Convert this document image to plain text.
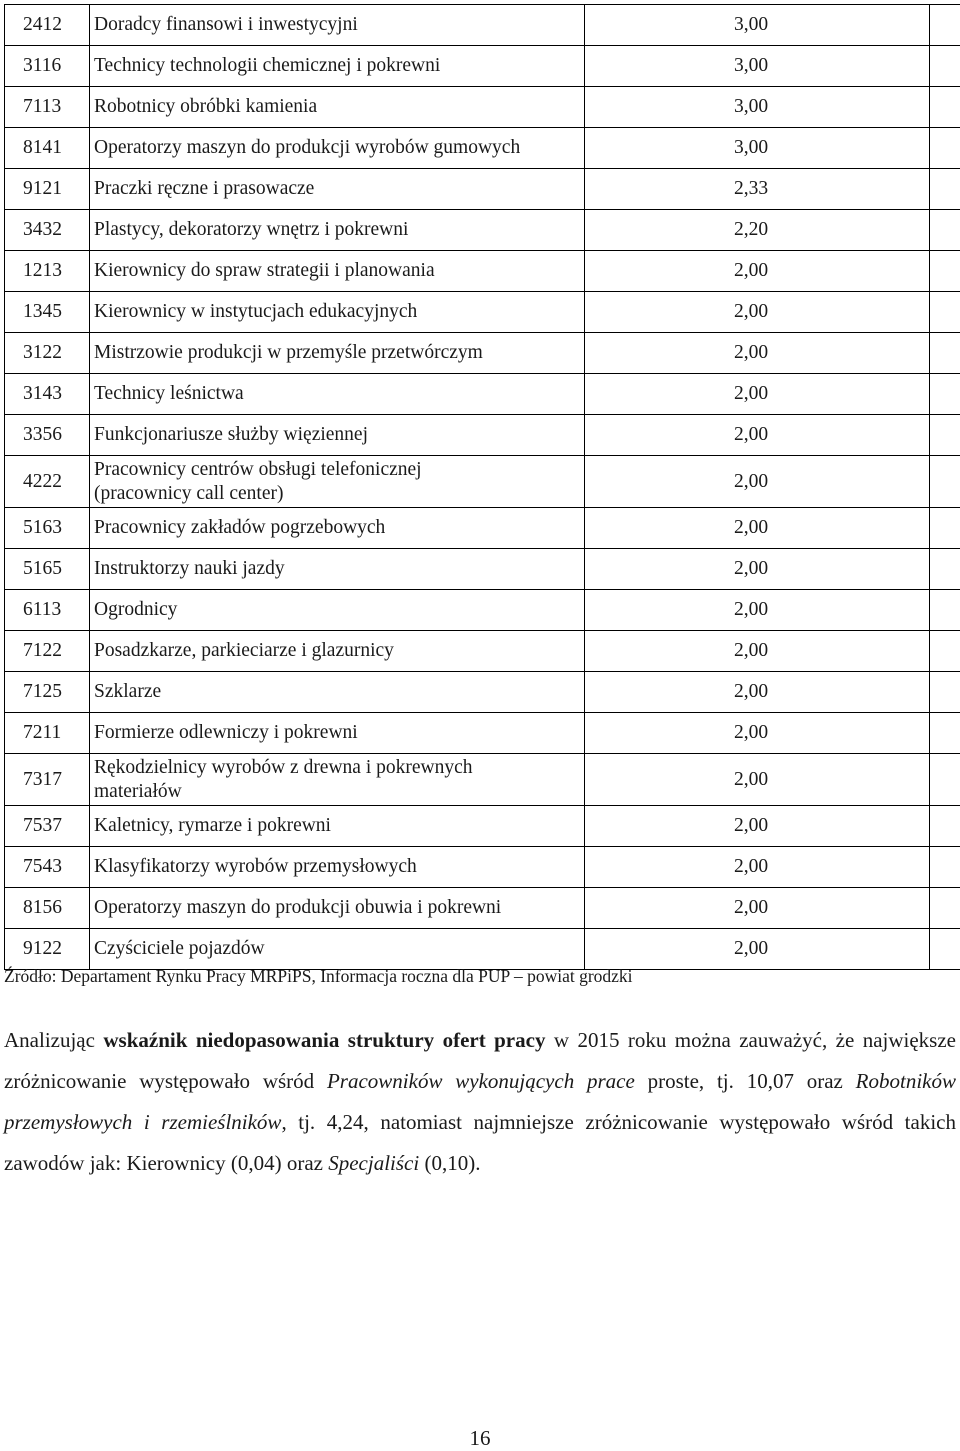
2412	Doradcy finansowi i inwestycyjni	3,00	
3116	Technicy technologii chemicznej i pokrewni	3,00	
7113	Robotnicy obróbki kamienia	3,00	
8141	Operatorzy maszyn do produkcji wyrobów gumowych	3,00	
9121	Praczki ręczne i prasowacze	2,33	
3432	Plastycy, dekoratorzy wnętrz i pokrewni	2,20	
1213	Kierownicy do spraw strategii i planowania	2,00	
1345	Kierownicy w instytucjach edukacyjnych	2,00	
3122	Mistrzowie produkcji w przemyśle przetwórczym	2,00	
3143	Technicy leśnictwa	2,00	
3356	Funkcjonariusze służby więziennej	2,00	
4222	Pracownicy centrów obsługi telefonicznej
(pracownicy call center)	2,00	
5163	Pracownicy zakładów pogrzebowych	2,00	
5165	Instruktorzy nauki jazdy	2,00	
6113	Ogrodnicy	2,00	
7122	Posadzkarze, parkieciarze i glazurnicy	2,00	
7125	Szklarze	2,00	
7211	Formierze odlewniczy i pokrewni	2,00	
7317	Rękodzielnicy wyrobów z drewna i pokrewnych
materiałów	2,00	
7537	Kaletnicy, rymarze i pokrewni	2,00	
7543	Klasyfikatorzy wyrobów przemysłowych	2,00	
8156	Operatorzy maszyn do produkcji obuwia i pokrewni	2,00	
9122	Czyściciele pojazdów	2,00	
Źródło: Departament Rynku Pracy MRPiPS, Informacja roczna dla PUP – powiat grodzki
Analizując wskaźnik niedopasowania struktury ofert pracy w 2015 roku można zauważyć, że największe zróżnicowanie występowało wśród Pracowników wykonujących prace proste, tj. 10,07 oraz Robotników przemysłowych i rzemieślników, tj. 4,24, natomiast najmniejsze zróżnicowanie występowało wśród takich zawodów jak: Kierownicy (0,04) oraz Specjaliści (0,10).
16
